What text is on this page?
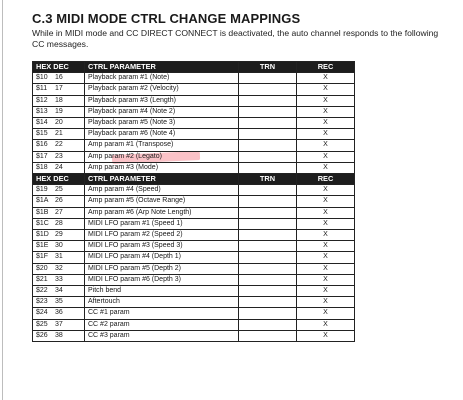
C.3 MIDI MODE CTRL CHANGE MAPPINGS
While in MIDI mode and CC DIRECT CONNECT is deactivated, the auto channel responds to the following CC messages.
HEX DEC	CTRL PARAMETER	TRN	REC
$10 16	Playback param #1 (Note)		X
$11 17	Playback param #2 (Velocity)		X
$12 18	Playback param #3 (Length)		X
$13 19	Playback param #4 (Note 2)		X
$14 20	Playback param #5 (Note 3)		X
$15 21	Playback param #6 (Note 4)		X
$16 22	Amp param #1 (Transpose)		X
$17 23	Amp param #2 (Legato)		X
$18 24	Amp param #3 (Mode)		X
HEX DEC	CTRL PARAMETER	TRN	REC
$19 25	Amp param #4 (Speed)		X
$1A 26	Amp param #5 (Octave Range)		X
$1B 27	Amp param #6 (Arp Note Length)		X
$1C 28	MIDI LFO param #1 (Speed 1)		X
$1D 29	MIDI LFO param #2 (Speed 2)		X
$1E 30	MIDI LFO param #3 (Speed 3)		X
$1F 31	MIDI LFO param #4 (Depth 1)		X
$20 32	MIDI LFO param #5 (Depth 2)		X
$21 33	MIDI LFO param #6 (Depth 3)		X
$22 34	Pitch bend		X
$23 35	Aftertouch		X
$24 36	CC #1 param		X
$25 37	CC #2 param		X
$26 38	CC #3 param		X
